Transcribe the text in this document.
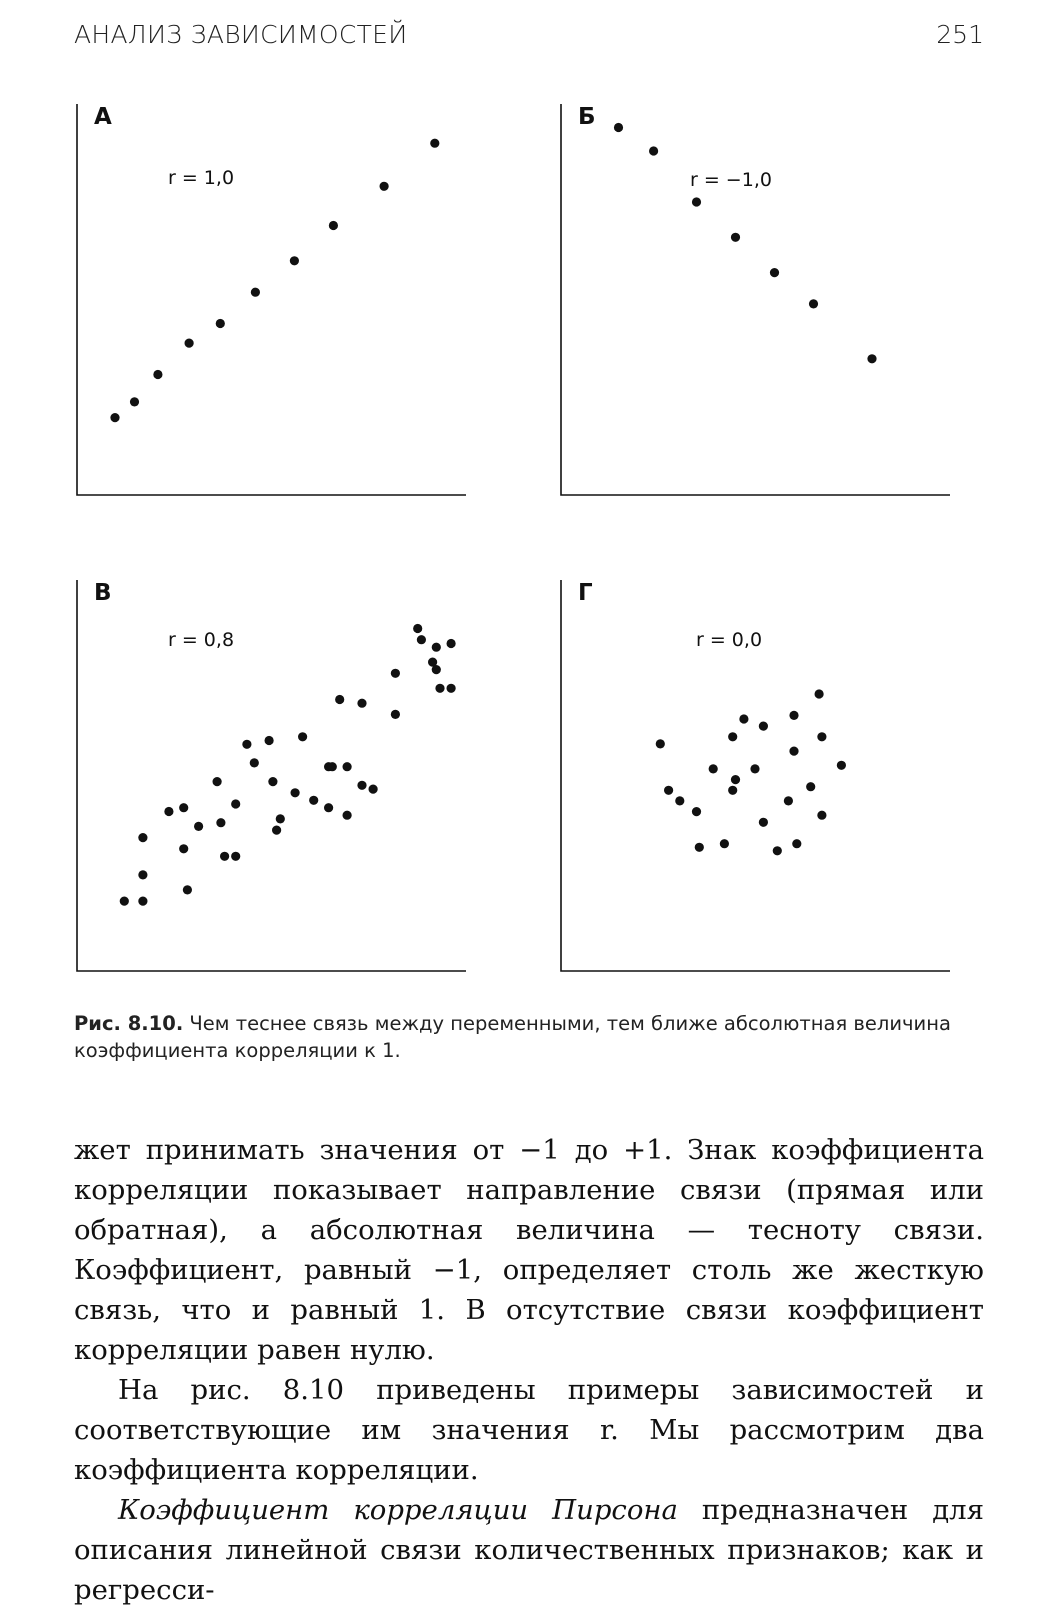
АНАЛИЗ ЗАВИСИМОСТЕЙ	251
А
r = 1,0
Б
r = −1,0
В
r = 0,8
Г
r = 0,0
Рис. 8.10. Чем теснее связь между переменными, тем ближе абсолютная величина коэффициента корреляции к 1.

жет принимать значения от −1 до +1. Знак коэффициента корреляции показывает направление связи (прямая или обратная), а абсолютная величина — тесноту связи. Коэффициент, равный −1, определяет столь же жесткую связь, что и равный 1. В отсутствие связи коэффициент корреляции равен нулю.

На рис. 8.10 приведены примеры зависимостей и соответствующие им значения r. Мы рассмотрим два коэффициента корреляции.

Коэффициент корреляции Пирсона предназначен для описания линейной связи количественных признаков; как и регресси-
